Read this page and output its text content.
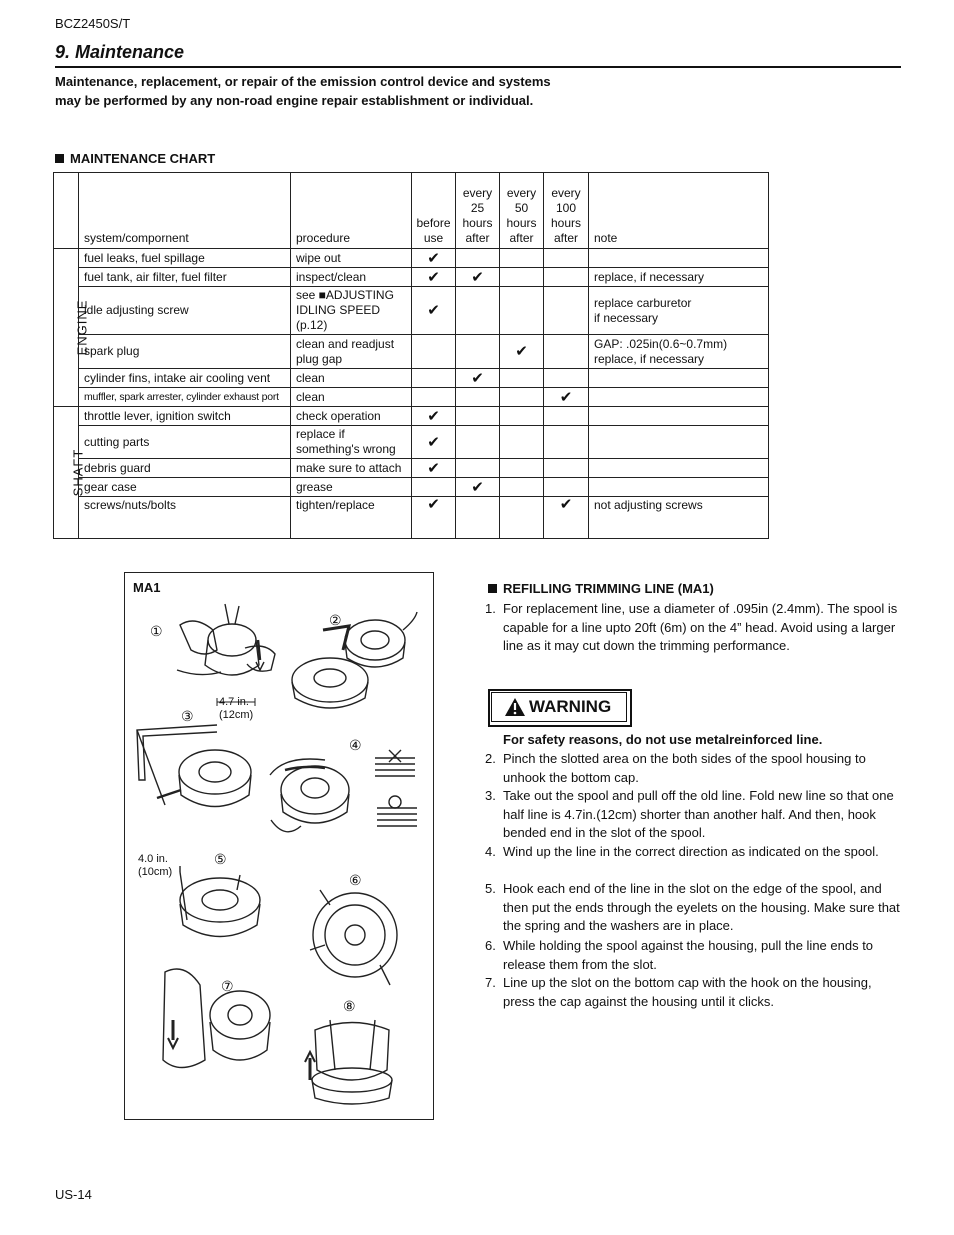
BCZ2450S/T
9. Maintenance
Maintenance, replacement, or repair of the emission control device and systems may be performed by any non-road engine repair establishment or individual.
MAINTENANCE CHART
	system/compornent	procedure	before use	every 25 hours after	every 50 hours after	every 100 hours after	note
ENGINE	fuel leaks, fuel spillage	wipe out	✔				
	fuel tank, air filter, fuel filter	inspect/clean	✔	✔			replace, if necessary
	idle adjusting screw	see ■ADJUSTING
IDLING SPEED (p.12)	✔				replace carburetor
if necessary
	spark plug	clean and readjust
plug gap			✔		GAP: .025in(0.6~0.7mm)
replace, if necessary
	cylinder fins, intake air cooling vent	clean		✔			
	muffler, spark arrester, cylinder exhaust port	clean				✔	
SHAFT	throttle lever, ignition switch	check operation	✔				
	cutting parts	replace if
something's wrong	✔				
	debris guard	make sure to attach	✔				
	gear case	grease		✔			
	screws/nuts/bolts	tighten/replace	✔			✔	not adjusting screws
MA1
①
②
③
④
⑤
⑥
⑦
⑧
4.7 in.
(12cm)
4.0 in.
(10cm)
REFILLING TRIMMING LINE (MA1)
1. For replacement line, use a diameter of .095in (2.4mm). The spool is capable for a line upto 20ft (6m) on the 4” head. Avoid using a larger line as it may cut down the trimming performance.
WARNING
For safety reasons, do not use metalreinforced line.
2. Pinch the slotted area on the both sides of the spool housing to unhook the bottom cap.
3. Take out the spool and pull off the old line. Fold new line so that one half line is 4.7in.(12cm) shorter than another half. And then, hook bended end in the slot of the spool.
4. Wind up the line in the correct direction as indicated on the spool.
5. Hook each end of the line in the slot on the edge of the spool, and then put the ends through the eyelets on the housing. Make sure that the spring and the washers are in place.
6. While holding the spool against the housing, pull the line ends to release them from the slot.
7. Line up the slot on the bottom cap with the hook on the housing, press the cap against the housing until it clicks.
US-14
